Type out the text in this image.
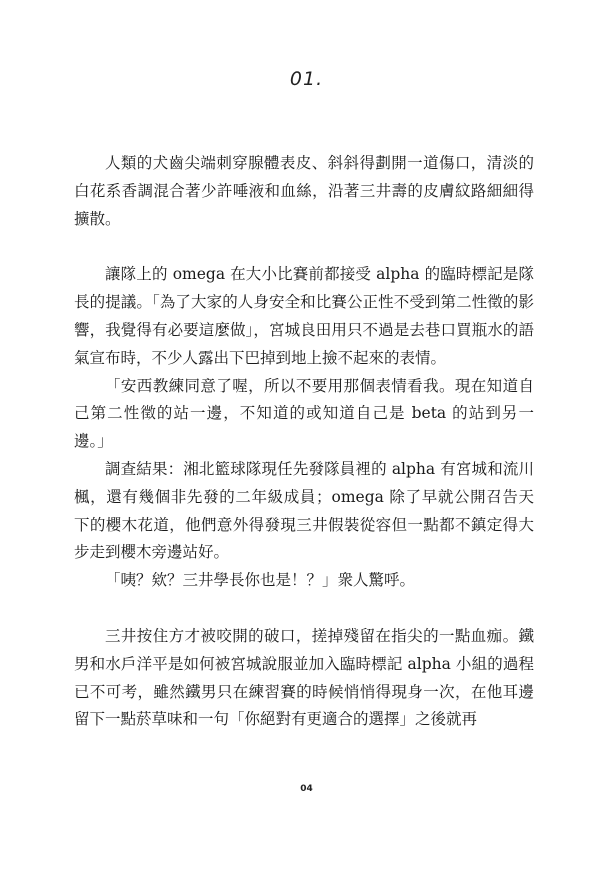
01.

人類的犬齒尖端刺穿腺體表皮、斜斜得劃開一道傷口，清淡的白花系香調混合著少許唾液和血絲，沿著三井壽的皮膚紋路細細得擴散。

讓隊上的 omega 在大小比賽前都接受 alpha 的臨時標記是隊長的提議。「為了大家的人身安全和比賽公正性不受到第二性徵的影響，我覺得有必要這麼做」，宮城良田用只不過是去巷口買瓶水的語氣宣布時，不少人露出下巴掉到地上撿不起來的表情。

「安西教練同意了喔，所以不要用那個表情看我。現在知道自己第二性徵的站一邊，不知道的或知道自己是 beta 的站到另一邊。」

調查結果：湘北籃球隊現任先發隊員裡的 alpha 有宮城和流川楓，還有幾個非先發的二年級成員；omega 除了早就公開召告天下的櫻木花道，他們意外得發現三井假裝從容但一點都不鎮定得大步走到櫻木旁邊站好。

「咦？欸？三井學長你也是！？」衆人驚呼。

三井按住方才被咬開的破口，搓掉殘留在指尖的一點血痂。鐵男和水戶洋平是如何被宮城說服並加入臨時標記 alpha 小組的過程已不可考，雖然鐵男只在練習賽的時候悄悄得現身一次，在他耳邊留下一點菸草味和一句「你絕對有更適合的選擇」之後就再

04
